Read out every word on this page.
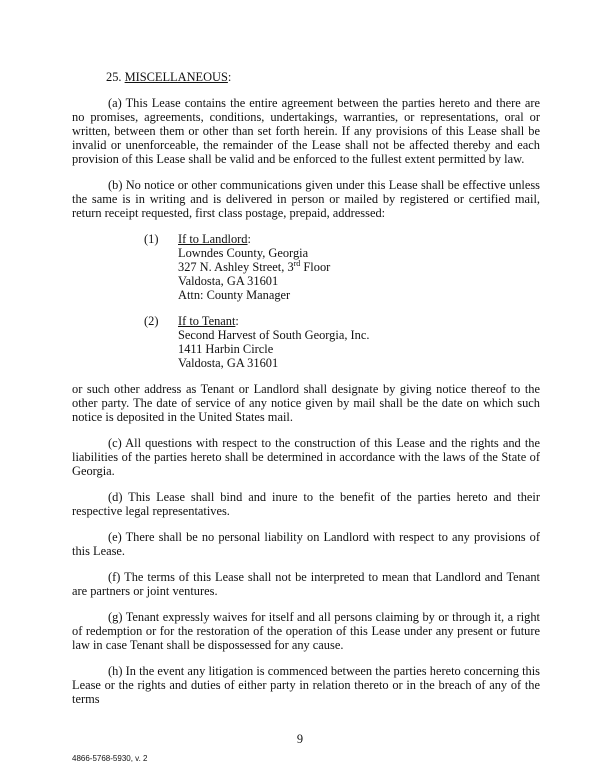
25. MISCELLANEOUS:

(a) This Lease contains the entire agreement between the parties hereto and there are no promises, agreements, conditions, undertakings, warranties, or representations, oral or written, between them or other than set forth herein. If any provisions of this Lease shall be invalid or unenforceable, the remainder of the Lease shall not be affected thereby and each provision of this Lease shall be valid and be enforced to the fullest extent permitted by law.

(b) No notice or other communications given under this Lease shall be effective unless the same is in writing and is delivered in person or mailed by registered or certified mail, return receipt requested, first class postage, prepaid, addressed:

(1)	If to Landlord:
Lowndes County, Georgia
327 N. Ashley Street, 3rd Floor
Valdosta, GA 31601
Attn: County Manager
(2)	If to Tenant:
Second Harvest of South Georgia, Inc.
1411 Harbin Circle
Valdosta, GA 31601

or such other address as Tenant or Landlord shall designate by giving notice thereof to the other party. The date of service of any notice given by mail shall be the date on which such notice is deposited in the United States mail.

(c) All questions with respect to the construction of this Lease and the rights and the liabilities of the parties hereto shall be determined in accordance with the laws of the State of Georgia.

(d) This Lease shall bind and inure to the benefit of the parties hereto and their respective legal representatives.

(e) There shall be no personal liability on Landlord with respect to any provisions of this Lease.

(f) The terms of this Lease shall not be interpreted to mean that Landlord and Tenant are partners or joint ventures.

(g) Tenant expressly waives for itself and all persons claiming by or through it, a right of redemption or for the restoration of the operation of this Lease under any present or future law in case Tenant shall be dispossessed for any cause.

(h) In the event any litigation is commenced between the parties hereto concerning this Lease or the rights and duties of either party in relation thereto or in the breach of any of the terms

9
4866-5768-5930, v. 2
